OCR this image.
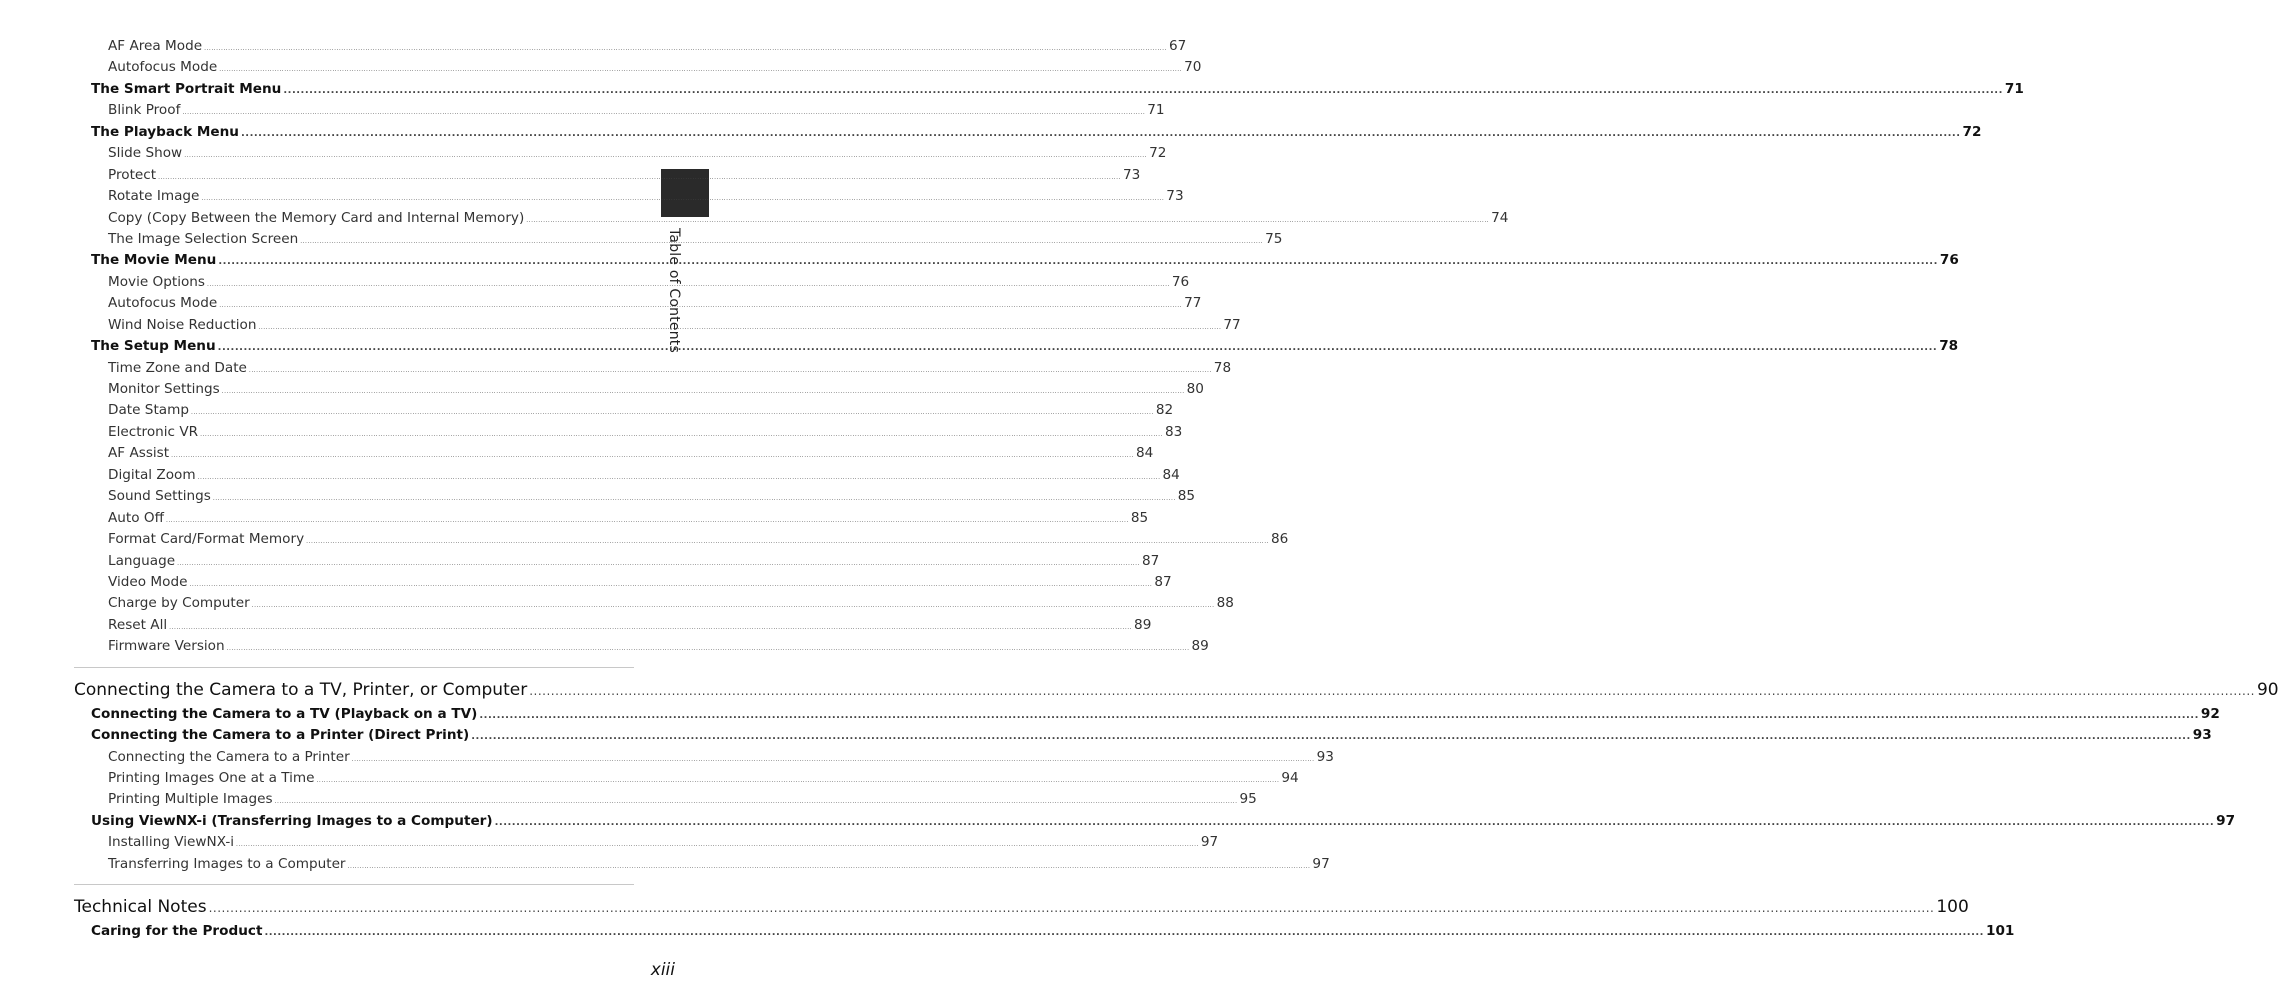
Table of Contents
AF Area Mode ................................................................................................................................................................................................................................................................................................................................................................................................................ 67
Autofocus Mode ................................................................................................................................................................................................................................................................................................................................................................................................................ 70
The Smart Portrait Menu ................................................................................................................................................................................................................................................................................................................................................................................................................ 71
Blink Proof ................................................................................................................................................................................................................................................................................................................................................................................................................ 71
The Playback Menu ................................................................................................................................................................................................................................................................................................................................................................................................................ 72
Slide Show ................................................................................................................................................................................................................................................................................................................................................................................................................ 72
Protect ................................................................................................................................................................................................................................................................................................................................................................................................................ 73
Rotate Image ................................................................................................................................................................................................................................................................................................................................................................................................................ 73
Copy (Copy Between the Memory Card and Internal Memory) ................................................................................................................................................................................................................................................................................................................................................................................................................ 74
The Image Selection Screen ................................................................................................................................................................................................................................................................................................................................................................................................................ 75
The Movie Menu ................................................................................................................................................................................................................................................................................................................................................................................................................ 76
Movie Options ................................................................................................................................................................................................................................................................................................................................................................................................................ 76
Autofocus Mode ................................................................................................................................................................................................................................................................................................................................................................................................................ 77
Wind Noise Reduction ................................................................................................................................................................................................................................................................................................................................................................................................................ 77
The Setup Menu ................................................................................................................................................................................................................................................................................................................................................................................................................ 78
Time Zone and Date ................................................................................................................................................................................................................................................................................................................................................................................................................ 78
Monitor Settings ................................................................................................................................................................................................................................................................................................................................................................................................................ 80
Date Stamp ................................................................................................................................................................................................................................................................................................................................................................................................................ 82
Electronic VR ................................................................................................................................................................................................................................................................................................................................................................................................................ 83
AF Assist ................................................................................................................................................................................................................................................................................................................................................................................................................ 84
Digital Zoom ................................................................................................................................................................................................................................................................................................................................................................................................................ 84
Sound Settings ................................................................................................................................................................................................................................................................................................................................................................................................................ 85
Auto Off ................................................................................................................................................................................................................................................................................................................................................................................................................ 85
Format Card/Format Memory ................................................................................................................................................................................................................................................................................................................................................................................................................ 86
Language ................................................................................................................................................................................................................................................................................................................................................................................................................ 87
Video Mode ................................................................................................................................................................................................................................................................................................................................................................................................................ 87
Charge by Computer ................................................................................................................................................................................................................................................................................................................................................................................................................ 88
Reset All ................................................................................................................................................................................................................................................................................................................................................................................................................ 89
Firmware Version ................................................................................................................................................................................................................................................................................................................................................................................................................ 89
Connecting the Camera to a TV, Printer, or Computer ................................................................................................................................................................................................................................................................................................................................................................................................................ 90
Connecting the Camera to a TV (Playback on a TV) ................................................................................................................................................................................................................................................................................................................................................................................................................ 92
Connecting the Camera to a Printer (Direct Print) ................................................................................................................................................................................................................................................................................................................................................................................................................ 93
Connecting the Camera to a Printer ................................................................................................................................................................................................................................................................................................................................................................................................................ 93
Printing Images One at a Time ................................................................................................................................................................................................................................................................................................................................................................................................................ 94
Printing Multiple Images ................................................................................................................................................................................................................................................................................................................................................................................................................ 95
Using ViewNX-i (Transferring Images to a Computer) ................................................................................................................................................................................................................................................................................................................................................................................................................ 97
Installing ViewNX-i ................................................................................................................................................................................................................................................................................................................................................................................................................ 97
Transferring Images to a Computer ................................................................................................................................................................................................................................................................................................................................................................................................................ 97
Technical Notes ................................................................................................................................................................................................................................................................................................................................................................................................................ 100
Caring for the Product ................................................................................................................................................................................................................................................................................................................................................................................................................ 101
xiii
